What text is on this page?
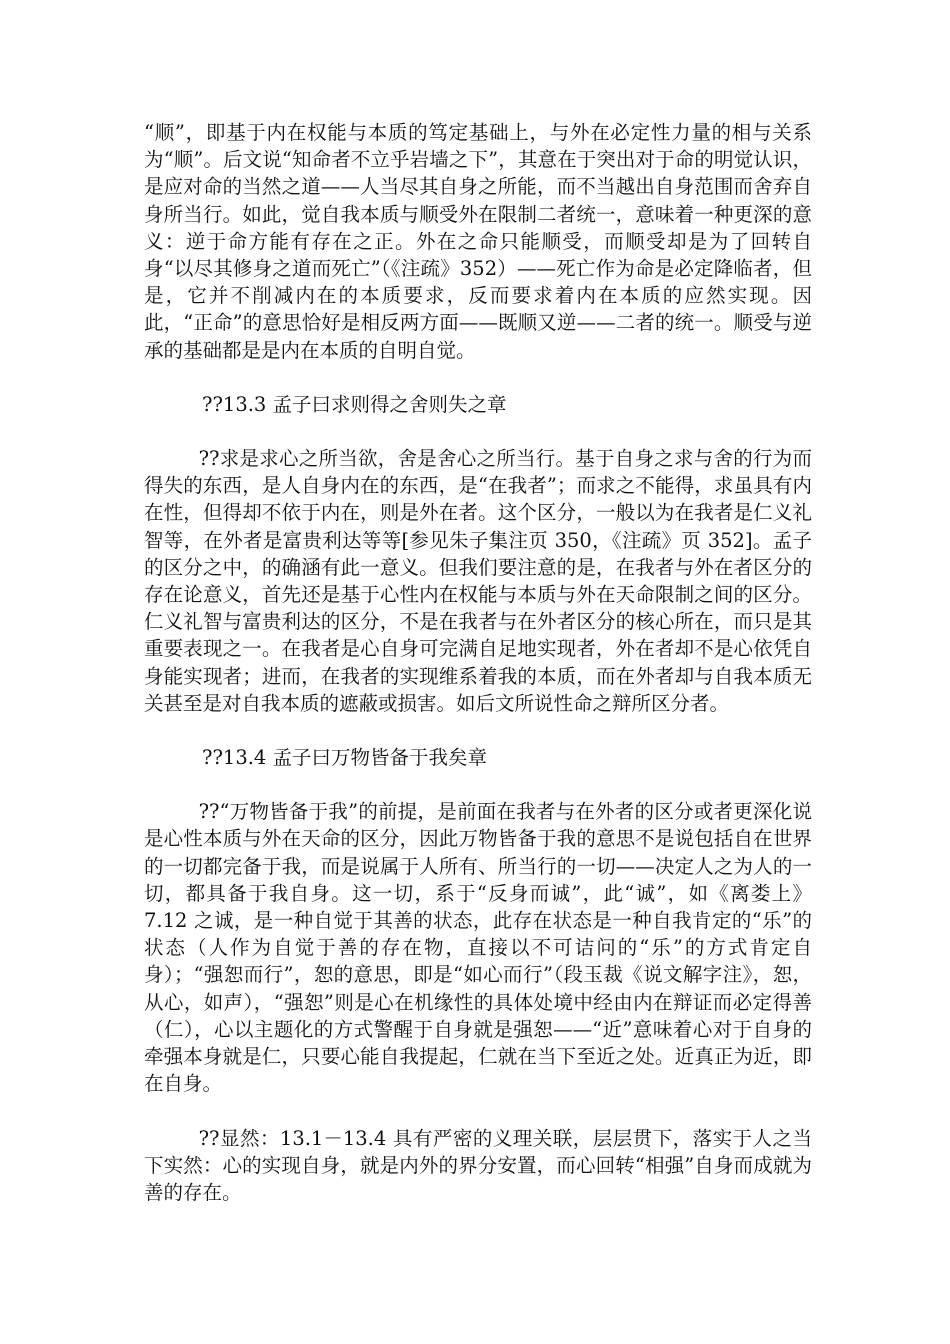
“顺”，即基于内在权能与本质的笃定基础上，与外在必定性力量的相与关系为“顺”。后文说“知命者不立乎岩墙之下”，其意在于突出对于命的明觉认识，是应对命的当然之道——人当尽其自身之所能，而不当越出自身范围而舍弃自身所当行。如此，觉自我本质与顺受外在限制二者统一，意味着一种更深的意义：逆于命方能有存在之正。外在之命只能顺受，而顺受却是为了回转自身“以尽其修身之道而死亡”（《注疏》352）——死亡作为命是必定降临者，但是，它并不削减内在的本质要求，反而要求着内在本质的应然实现。因此，“正命”的意思恰好是相反两方面——既顺又逆——二者的统一。顺受与逆承的基础都是是内在本质的自明自觉。

??13.3 孟子曰求则得之舍则失之章

??求是求心之所当欲，舍是舍心之所当行。基于自身之求与舍的行为而得失的东西，是人自身内在的东西，是“在我者”；而求之不能得，求虽具有内在性，但得却不依于内在，则是外在者。这个区分，一般以为在我者是仁义礼智等，在外者是富贵利达等等[参见朱子集注页 350，《注疏》页 352]。孟子的区分之中，的确涵有此一意义。但我们要注意的是，在我者与外在者区分的存在论意义，首先还是基于心性内在权能与本质与外在天命限制之间的区分。仁义礼智与富贵利达的区分，不是在我者与在外者区分的核心所在，而只是其重要表现之一。在我者是心自身可完满自足地实现者，外在者却不是心依凭自身能实现者；进而，在我者的实现维系着我的本质，而在外者却与自我本质无关甚至是对自我本质的遮蔽或损害。如后文所说性命之辩所区分者。

??13.4 孟子曰万物皆备于我矣章

??“万物皆备于我”的前提，是前面在我者与在外者的区分或者更深化说是心性本质与外在天命的区分，因此万物皆备于我的意思不是说包括自在世界的一切都完备于我，而是说属于人所有、所当行的一切——决定人之为人的一切，都具备于我自身。这一切，系于“反身而诚”，此“诚”，如《离娄上》7.12 之诚，是一种自觉于其善的状态，此存在状态是一种自我肯定的“乐”的状态（人作为自觉于善的存在物，直接以不可诘问的“乐”的方式肯定自身）；“强恕而行”，恕的意思，即是“如心而行”（段玉裁《说文解字注》，恕，从心，如声），“强恕”则是心在机缘性的具体处境中经由内在辩证而必定得善（仁），心以主题化的方式警醒于自身就是强恕——“近”意味着心对于自身的牵强本身就是仁，只要心能自我提起，仁就在当下至近之处。近真正为近，即在自身。

??显然：13.1－13.4 具有严密的义理关联，层层贯下，落实于人之当下实然：心的实现自身，就是内外的界分安置，而心回转“相强”自身而成就为善的存在。
